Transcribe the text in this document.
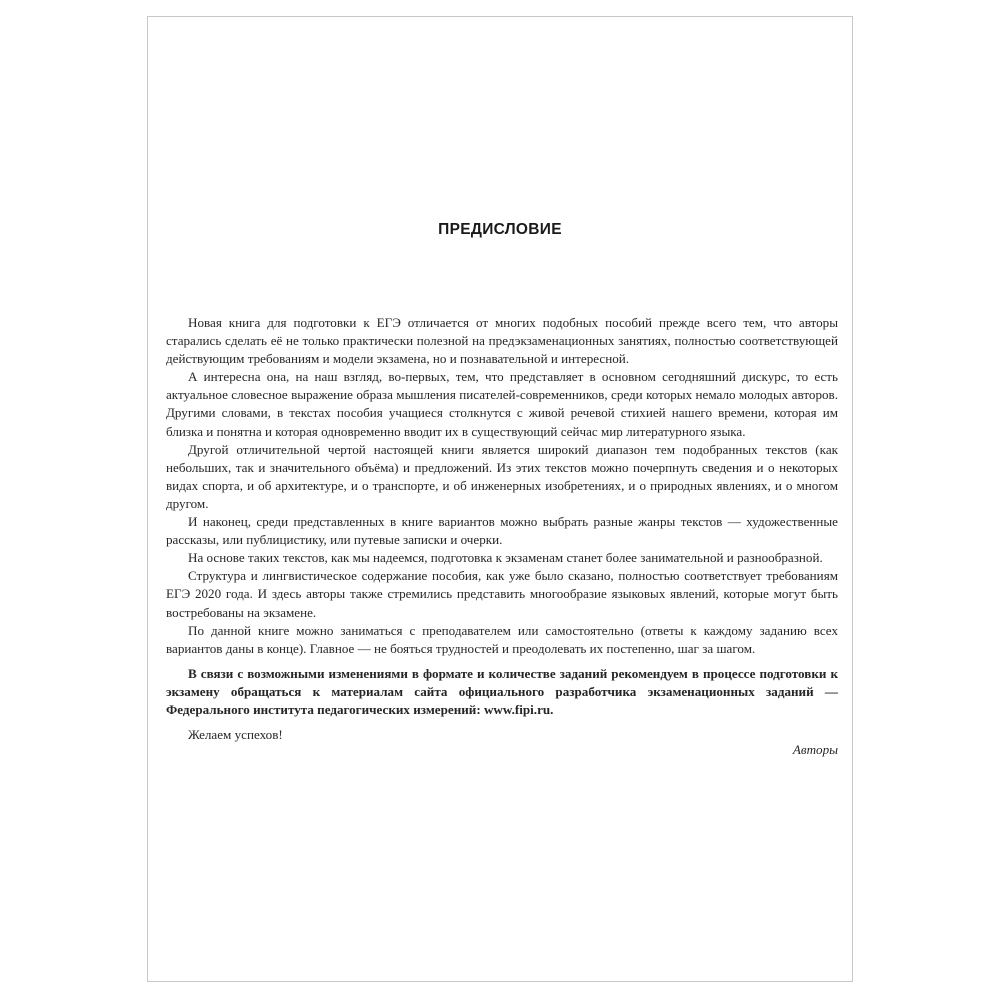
ПРЕДИСЛОВИЕ

Новая книга для подготовки к ЕГЭ отличается от многих подобных пособий прежде всего тем, что авторы старались сделать её не только практически полезной на предэкзаменационных занятиях, полностью соответствующей действующим требованиям и модели экзамена, но и познавательной и интересной.

А интересна она, на наш взгляд, во-первых, тем, что представляет в основном сегодняшний дискурс, то есть актуальное словесное выражение образа мышления писателей-современников, среди которых немало молодых авторов. Другими словами, в текстах пособия учащиеся столкнутся с живой речевой стихией нашего времени, которая им близка и понятна и которая одновременно вводит их в существующий сейчас мир литературного языка.

Другой отличительной чертой настоящей книги является широкий диапазон тем подобранных текстов (как небольших, так и значительного объёма) и предложений. Из этих текстов можно почерпнуть сведения и о некоторых видах спорта, и об архитектуре, и о транспорте, и об инженерных изобретениях, и о природных явлениях, и о многом другом.

И наконец, среди представленных в книге вариантов можно выбрать разные жанры текстов — художественные рассказы, или публицистику, или путевые записки и очерки.

На основе таких текстов, как мы надеемся, подготовка к экзаменам станет более занимательной и разнообразной.

Структура и лингвистическое содержание пособия, как уже было сказано, полностью соответствует требованиям ЕГЭ 2020 года. И здесь авторы также стремились представить многообразие языковых явлений, которые могут быть востребованы на экзамене.

По данной книге можно заниматься с преподавателем или самостоятельно (ответы к каждому заданию всех вариантов даны в конце). Главное — не бояться трудностей и преодолевать их постепенно, шаг за шагом.

В связи с возможными изменениями в формате и количестве заданий рекомендуем в процессе подготовки к экзамену обращаться к материалам сайта официального разработчика экзаменационных заданий — Федерального института педагогических измерений: www.fipi.ru.

Желаем успехов!

Авторы
